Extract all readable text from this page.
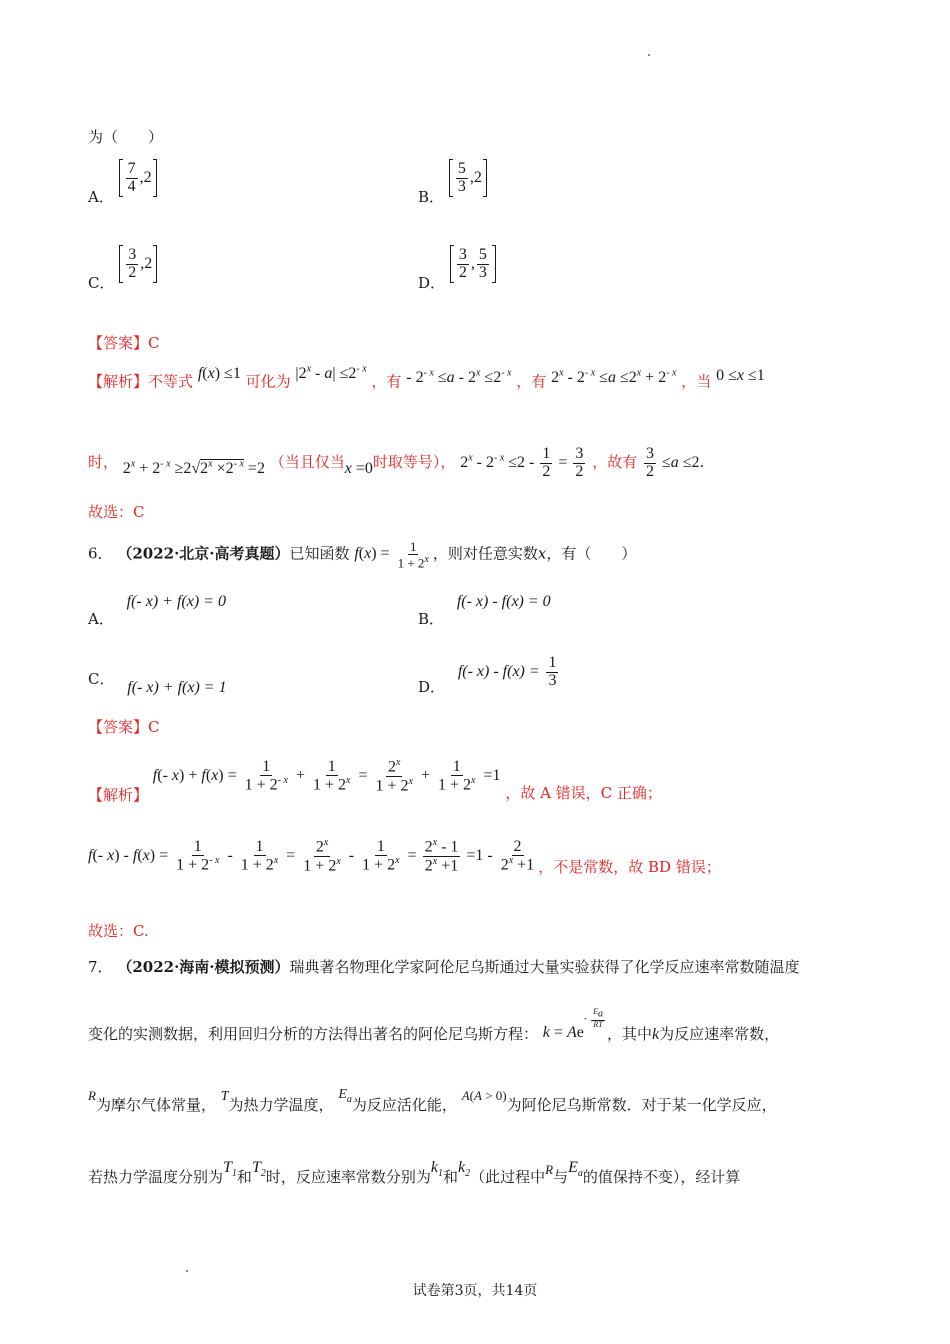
为（　　）
A．
$\frac{7}{4} ,2$
B．
$\frac{5}{3} ,2$
C．
$\frac{3}{2} ,2$
D．
$\frac{3}{2}$ , $\frac{5}{3}$
【答案】C
【解析】不等式 f(x) ≤1 可化为 $|2^x - a| \le 2^{- x}$ ，有 - $2^{- x} \le a - 2^x \le 2^{- x}$ ，有 $2^x - 2^{- x} \le a \le 2^x + 2^{- x}$ ，当 0 ≤x ≤1
时， $2^x + 2^{- x} \ge 2√2^x \times 2^{- x} =2$ （当且仅当x =0时取等号）， $2^x - 2^{- x} \le 2 - \frac{1}{2} = \frac{3}{2}$ ，故有 $\frac{3}{2} \le a \le 2$.
故选：C
6． （2022·北京·高考真题）已知函数 $f(x) = \frac{1}{1 + 2^x}$ ，则对任意实数x，有（　　）
A． f(- x) + f(x) = 0
B． f(- x) - f(x) = 0
C． f(- x) + f(x) = 1	D． f(- $x) - f(x) = \frac{1}{3}$
【答案】C
【解析】 f(- $x) + f(x) = \frac{1}{1 + 2^{- x}} + \frac{1}{1 + 2^x} = \frac{2^x}{1 + 2^x} + \frac{1}{1 + 2^x} =1$ ，故 A 错误，C 正确；
f(- $x) - f(x) = \frac{1}{1 + 2^{- x}} - \frac{1}{1 + 2^x} = \frac{2^x}{1 + 2^x} - \frac{1}{1 + 2^x} = \frac{2^x - 1}{2^x +1} =1 - \frac{2}{2^x +1}$ ，不是常数，故 BD 错误；
故选：C.
7． （2022·海南·模拟预测）瑞典著名物理化学家阿伦尼乌斯通过大量实验获得了化学反应速率常数随温度
变化的实测数据，利用回归分析的方法得出著名的阿伦尼乌斯方程： $k = Ae^{- \frac{E_a}{RT}}$
，其中k为反应速率常数，
R为摩尔气体常量， T为热力学温度， $E_a$为反应活化能， A(A > 0)为阿伦尼乌斯常数．对于某一化学反应，
若热力学温度分别为$T_1$和$T_2$时，反应速率常数分别为$k_1$和$k_2$（此过程中R与$E_a$的值保持不变），经计算
试卷第3页，共14页
